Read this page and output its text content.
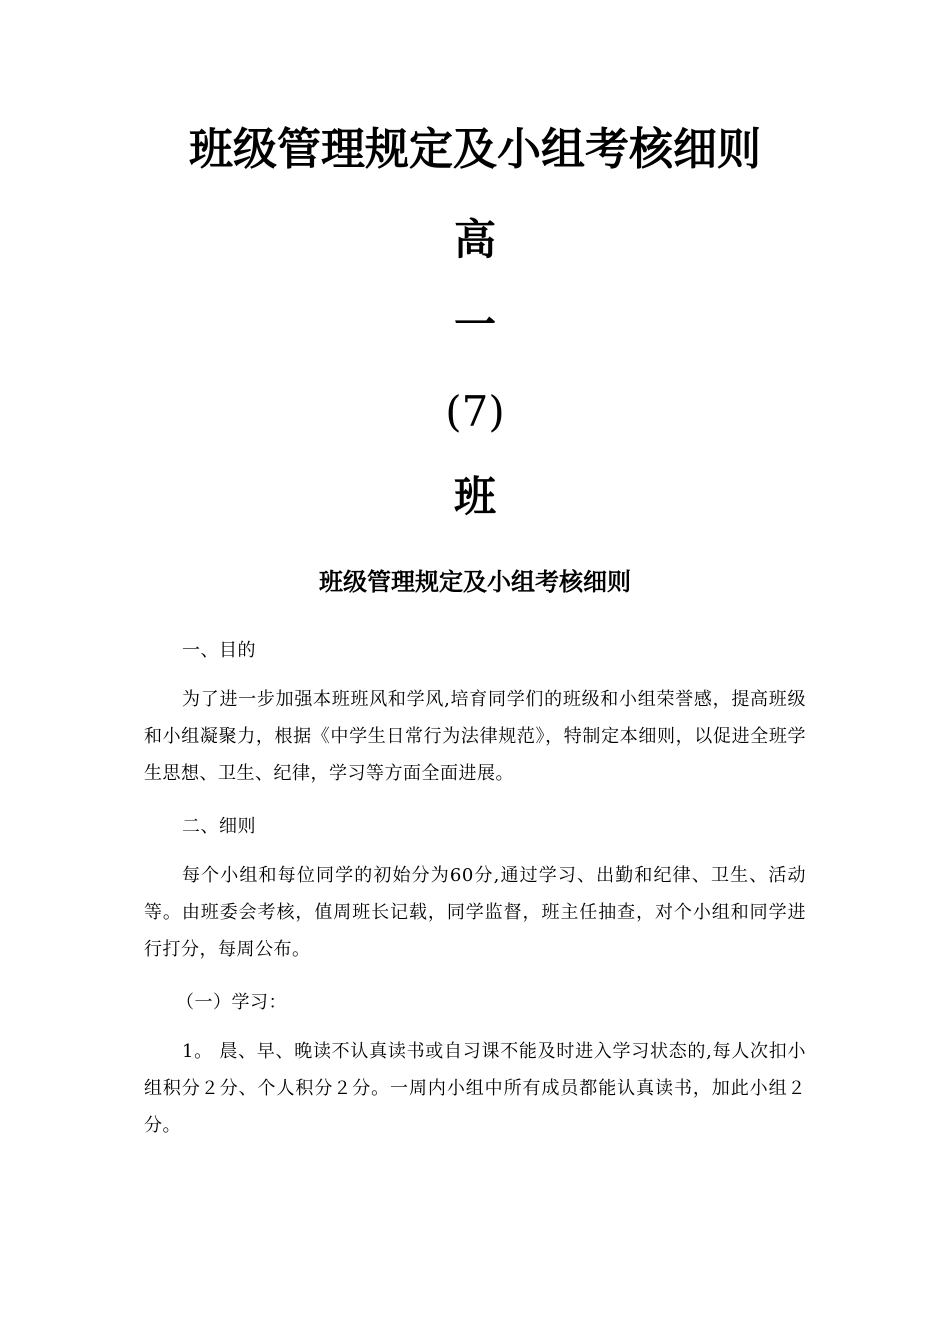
班级管理规定及小组考核细则
高
一
(7)
班
班级管理规定及小组考核细则
一、目的
为了进一步加强本班班风和学风,培育同学们的班级和小组荣誉感，提高班级和小组凝聚力，根据《中学生日常行为法律规范》，特制定本细则，以促进全班学生思想、卫生、纪律，学习等方面全面进展。
二、细则
每个小组和每位同学的初始分为60分,通过学习、出勤和纪律、卫生、活动等。由班委会考核，值周班长记载，同学监督，班主任抽查，对个小组和同学进行打分，每周公布。
（一）学习：
1。 晨、早、晚读不认真读书或自习课不能及时进入学习状态的,每人次扣小组积分２分、个人积分２分。一周内小组中所有成员都能认真读书，加此小组２分。
